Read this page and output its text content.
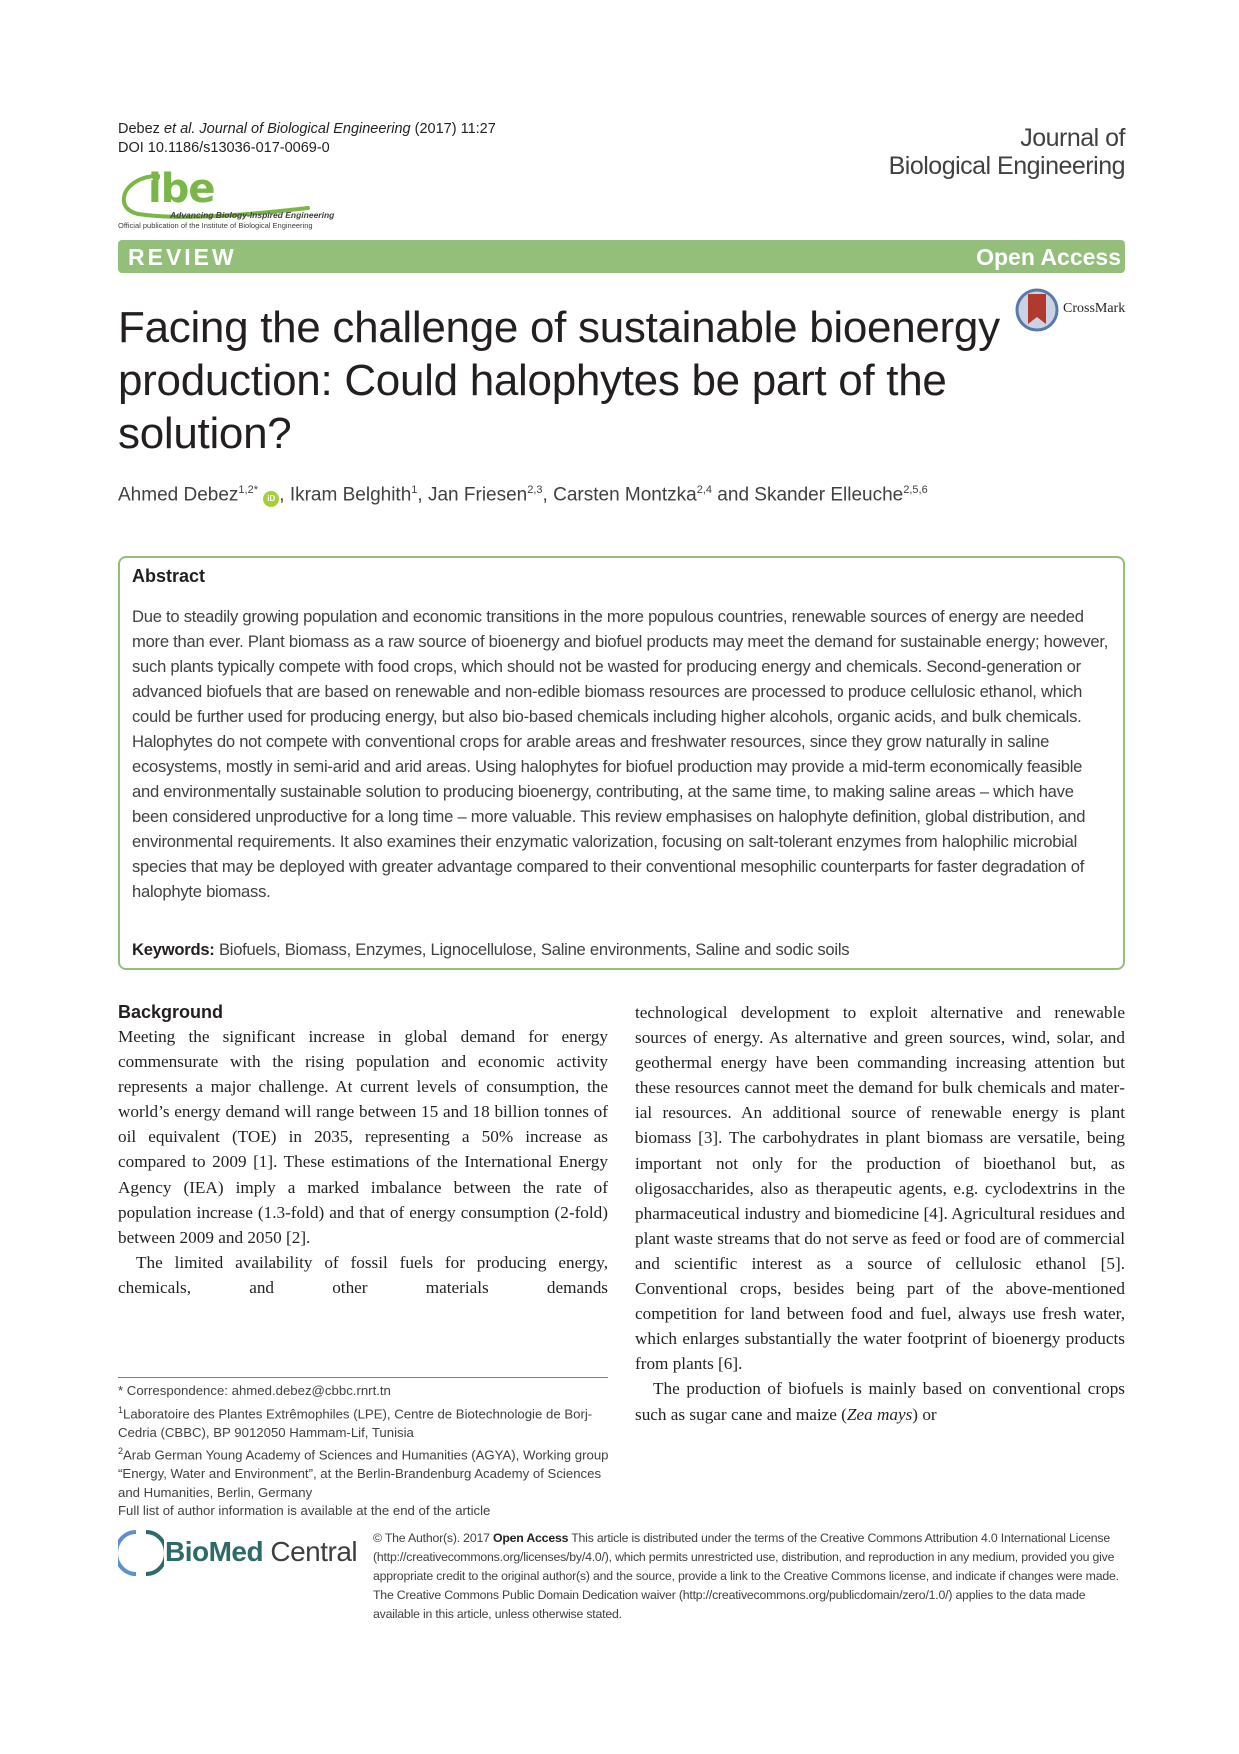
Debez et al. Journal of Biological Engineering (2017) 11:27
DOI 10.1186/s13036-017-0069-0
ibe
Advancing Biology-Inspired Engineering
Official publication of the Institute of Biological Engineering
Journal of
Biological Engineering
REVIEW	Open Access
CrossMark
Facing the challenge of sustainable bioenergy production: Could halophytes be part of the solution?
Ahmed Debez$^{1,2*}$ iD , Ikram Belghith$^1$, Jan Friesen$^{2,3}$, Carsten Montzka$^{2,4}$ and Skander Elleuche$^{2,5,6}$
Abstract
Due to steadily growing population and economic transitions in the more populous countries, renewable sources of energy are needed more than ever. Plant biomass as a raw source of bioenergy and biofuel products may meet the demand for sustainable energy; however, such plants typically compete with food crops, which should not be wasted for producing energy and chemicals. Second-generation or advanced biofuels that are based on renewable and non-edible biomass resources are processed to produce cellulosic ethanol, which could be further used for producing energy, but also bio-based chemicals including higher alcohols, organic acids, and bulk chemicals. Halophytes do not compete with conventional crops for arable areas and freshwater resources, since they grow naturally in saline ecosystems, mostly in semi-arid and arid areas. Using halophytes for biofuel production may provide a mid-term economically feasible and environmentally sustainable solution to producing bioenergy, contributing, at the same time, to making saline areas – which have been considered unproductive for a long time – more valuable. This review emphasises on halophyte definition, global distribution, and environmental requirements. It also examines their enzymatic valorization, focusing on salt-tolerant enzymes from halophilic microbial species that may be deployed with greater advantage compared to their conventional mesophilic counterparts for faster degradation of halophyte biomass.
Keywords: Biofuels, Biomass, Enzymes, Lignocellulose, Saline environments, Saline and sodic soils
Background

Meeting the significant increase in global demand for energy commensurate with the rising population and economic activity represents a major challenge. At current levels of consumption, the world’s energy demand will range between 15 and 18 billion tonnes of oil equivalent (TOE) in 2035, representing a 50% increase as compared to 2009 [1]. These estimations of the International Energy Agency (IEA) imply a marked imbalance between the rate of population increase (1.3-fold) and that of energy consumption (2-fold) between 2009 and 2050 [2].

The limited availability of fossil fuels for producing energy, chemicals, and other materials demands

technological development to exploit alternative and renewable sources of energy. As alternative and green sources, wind, solar, and geothermal energy have been commanding increasing attention but these resources cannot meet the demand for bulk chemicals and material resources. An additional source of renewable energy is plant biomass [3]. The carbohydrates in plant biomass are versatile, being important not only for the production of bioethanol but, as oligosaccharides, also as therapeutic agents, e.g. cyclodextrins in the pharmaceutical industry and biomedicine [4]. Agricultural residues and plant waste streams that do not serve as feed or food are of commercial and scientific interest as a source of cellulosic ethanol [5]. Conventional crops, besides being part of the above-mentioned competition for land between food and fuel, always use fresh water, which enlarges substantially the water footprint of bioenergy products from plants [6].

The production of biofuels is mainly based on conventional crops such as sugar cane and maize (Zea mays) or

* Correspondence: ahmed.debez@cbbc.rnrt.tn
$^1$Laboratoire des Plantes Extrêmophiles (LPE), Centre de Biotechnologie de Borj-Cedria (CBBC), BP 9012050 Hammam-Lif, Tunisia
$^2$Arab German Young Academy of Sciences and Humanities (AGYA), Working group “Energy, Water and Environment”, at the Berlin-Brandenburg Academy of Sciences and Humanities, Berlin, Germany
Full list of author information is available at the end of the article
BioMed Central © The Author(s). 2017 Open Access This article is distributed under the terms of the Creative Commons Attribution 4.0 International License (http://creativecommons.org/licenses/by/4.0/), which permits unrestricted use, distribution, and reproduction in any medium, provided you give appropriate credit to the original author(s) and the source, provide a link to the Creative Commons license, and indicate if changes were made. The Creative Commons Public Domain Dedication waiver (http://creativecommons.org/publicdomain/zero/1.0/) applies to the data made available in this article, unless otherwise stated.
